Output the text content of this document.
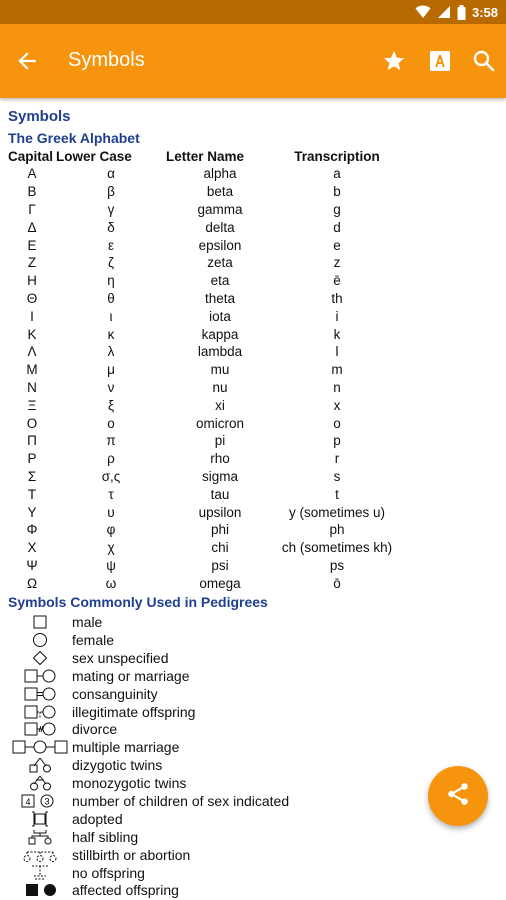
3:58
Symbols
Symbols
The Greek Alphabet
Capital	Lower Case	Letter Name	Transcription
Α	α	alpha	a
Β	β	beta	b
Γ	γ	gamma	g
Δ	δ	delta	d
Ε	ε	epsilon	e
Ζ	ζ	zeta	z
Η	η	eta	ē
Θ	θ	theta	th
Ι	ι	iota	i
Κ	κ	kappa	k
Λ	λ	lambda	l
Μ	μ	mu	m
Ν	ν	nu	n
Ξ	ξ	xi	x
Ο	ο	omicron	o
Π	π	pi	p
Ρ	ρ	rho	r
Σ	σ,ς	sigma	s
Τ	τ	tau	t
Υ	υ	upsilon	y (sometimes u)
Φ	φ	phi	ph
Χ	χ	chi	ch (sometimes kh)
Ψ	ψ	psi	ps
Ω	ω	omega	ō
Symbols Commonly Used in Pedigrees
male
female
sex unspecified
mating or marriage
consanguinity
illegitimate offspring
divorce
multiple marriage
dizygotic twins
monozygotic twins
4 3 number of children of sex indicated
adopted
half sibling
stillbirth or abortion
no offspring
affected offspring
